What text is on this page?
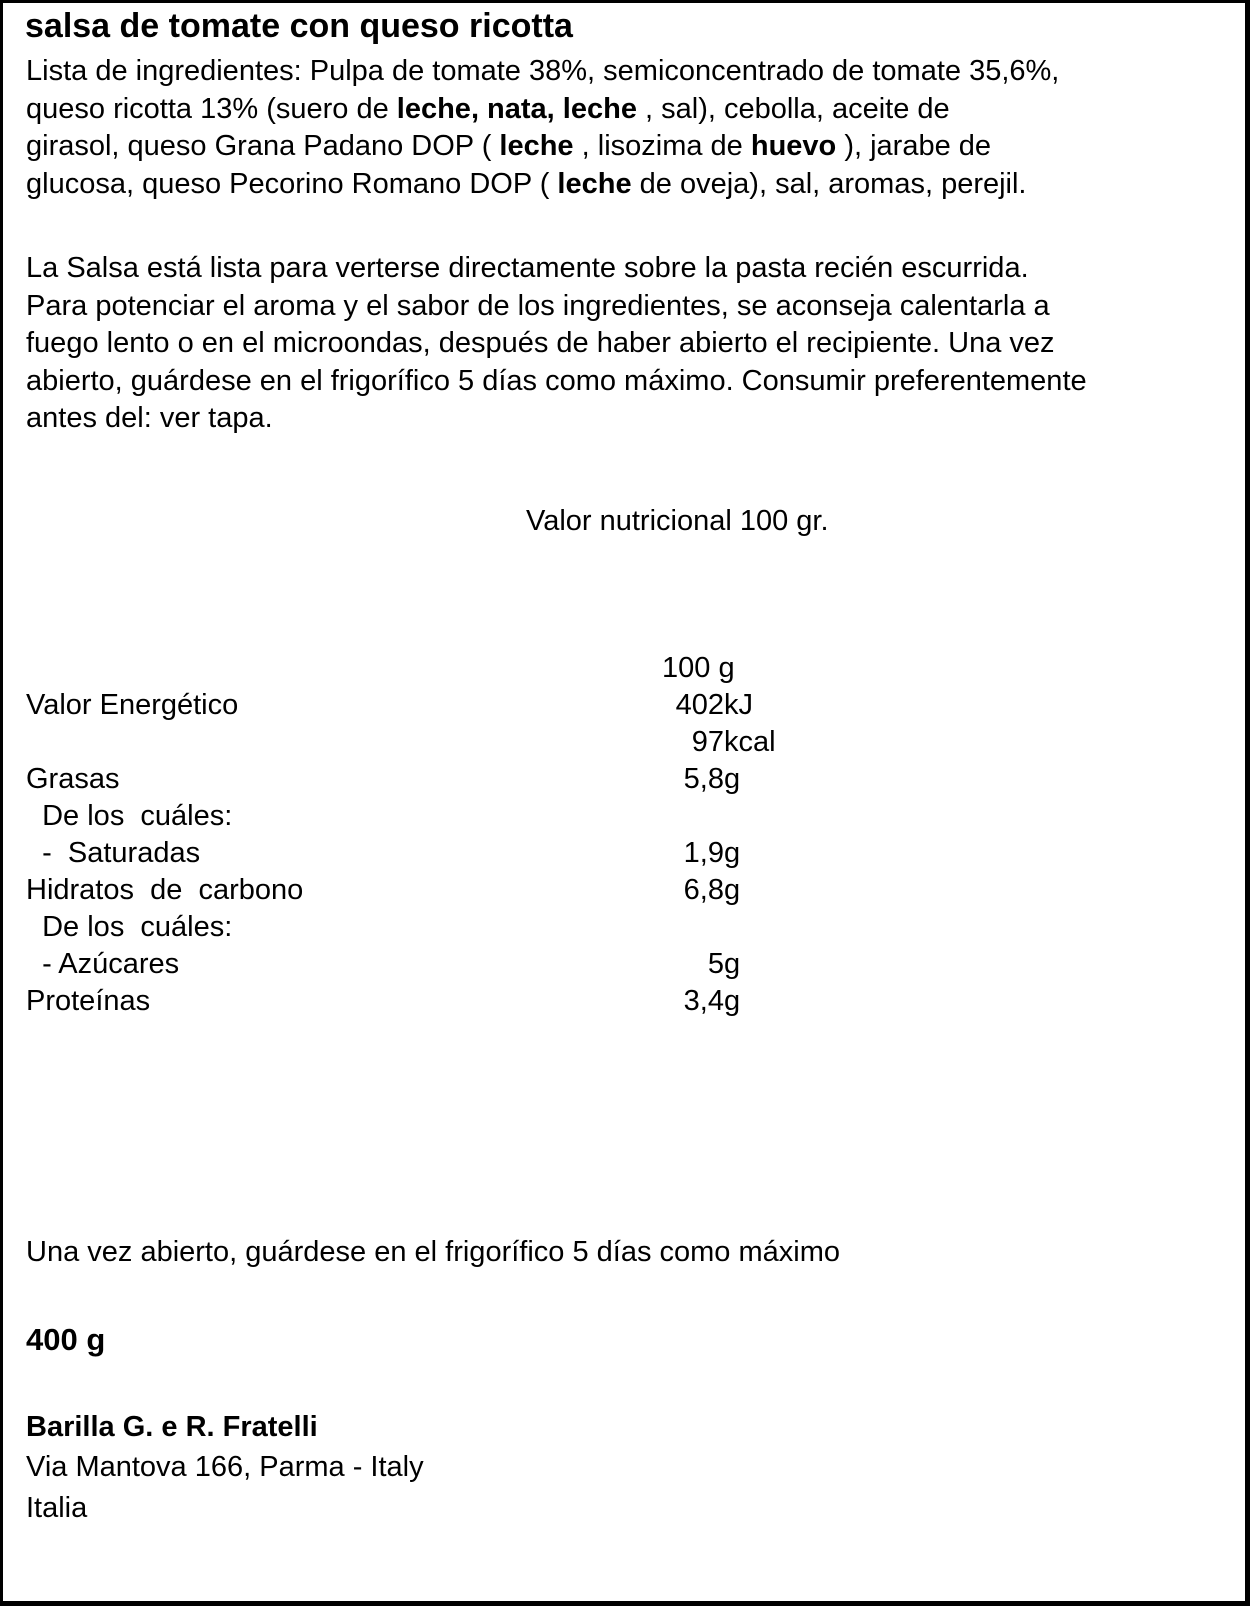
salsa de tomate con queso ricotta
Lista de ingredientes: Pulpa de tomate 38%, semiconcentrado de tomate 35,6%,
queso ricotta 13% (suero de leche, nata, leche , sal), cebolla, aceite de
girasol, queso Grana Padano DOP ( leche , lisozima de huevo ), jarabe de
glucosa, queso Pecorino Romano DOP ( leche de oveja), sal, aromas, perejil.
La Salsa está lista para verterse directamente sobre la pasta recién escurrida.
Para potenciar el aroma y el sabor de los ingredientes, se aconseja calentarla a
fuego lento o en el microondas, después de haber abierto el recipiente. Una vez
abierto, guárdese en el frigorífico 5 días como máximo. Consumir preferentemente
antes del: ver tapa.
Valor nutricional 100 gr.
100 g
Valor Energético	402 kJ
97 kcal
Grasas	5,8 g
De los  cuáles:
-  Saturadas	1,9 g
Hidratos  de  carbono	6,8 g
De los  cuáles:
- Azúcares	5 g
Proteínas	3,4 g
Una vez abierto, guárdese en el frigorífico 5 días como máximo
400 g
Barilla G. e R. Fratelli
Via Mantova 166, Parma - Italy
Italia
